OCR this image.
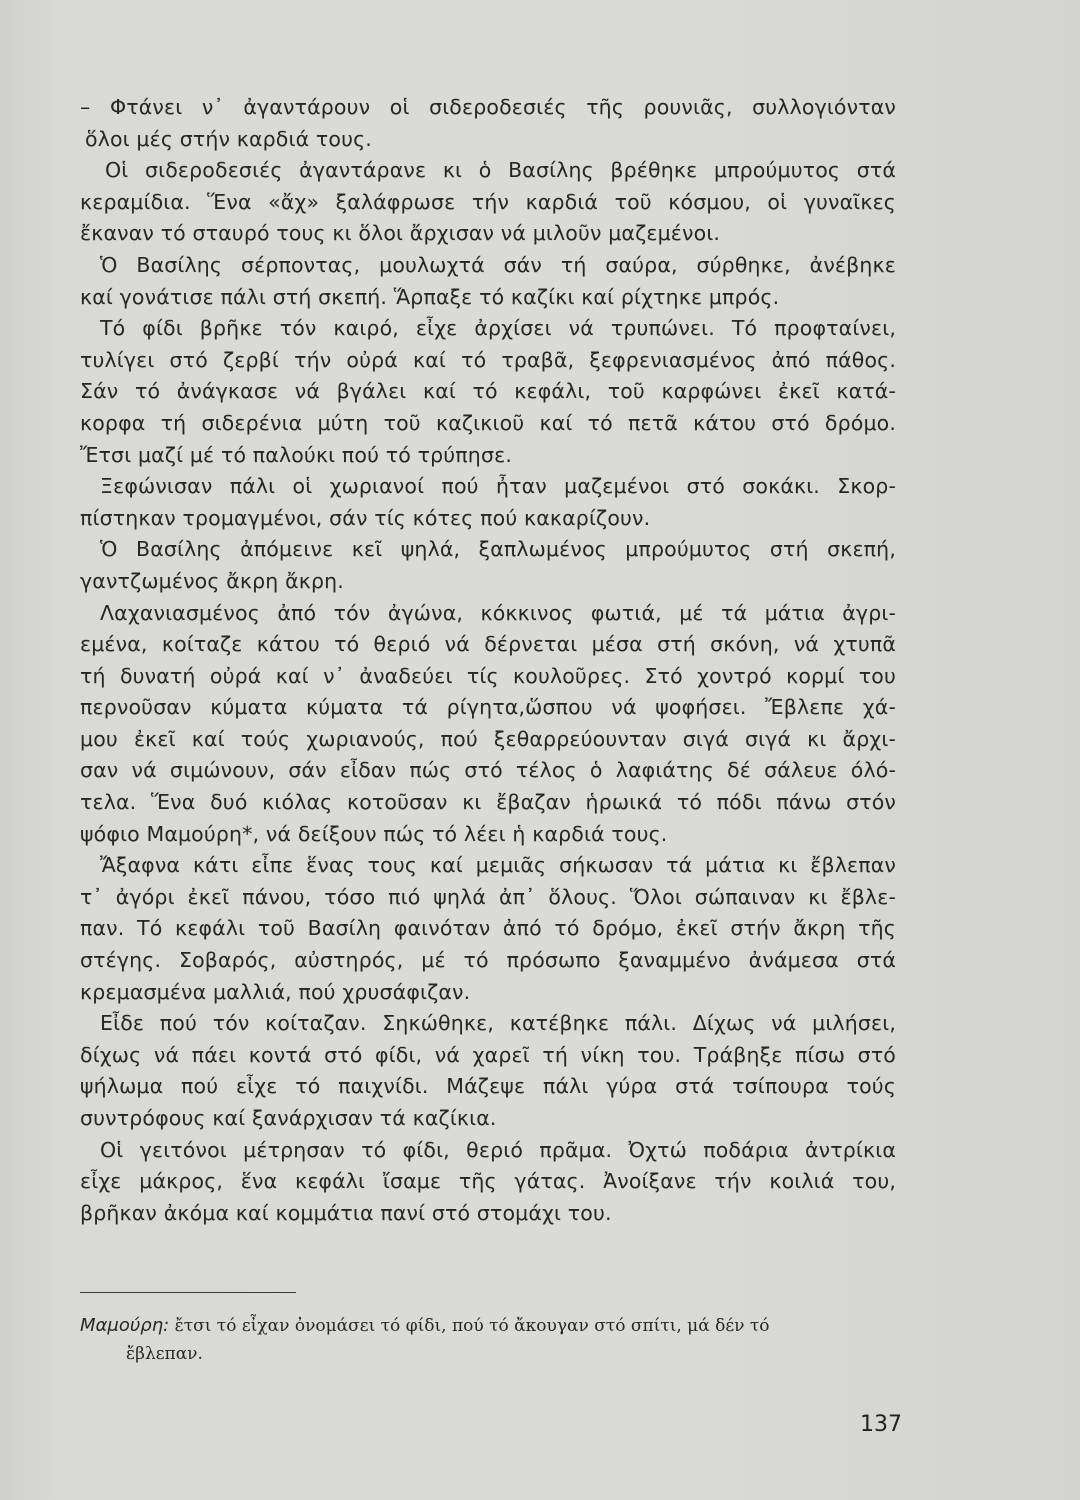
– Φτάνει ν᾽ ἀγαντάρουν οἱ σιδεροδεσιές τῆς ρουνιᾶς, συλλογιόνταν
ὅλοι μές στήν καρδιά τους.
Οἱ σιδεροδεσιές ἀγαντάρανε κι ὁ Βασίλης βρέθηκε μπρούμυτος στά
κεραμίδια. Ἕνα «ἄχ» ξαλάφρωσε τήν καρδιά τοῦ κόσμου, οἱ γυναῖκες
ἔκαναν τό σταυρό τους κι ὅλοι ἄρχισαν νά μιλοῦν μαζεμένοι.
Ὁ Βασίλης σέρποντας, μουλωχτά σάν τή σαύρα, σύρθηκε, ἀνέβηκε
καί γονάτισε πάλι στή σκεπή. Ἅρπαξε τό καζίκι καί ρίχτηκε μπρός.
Τό φίδι βρῆκε τόν καιρό, εἶχε ἀρχίσει νά τρυπώνει. Τό προφταίνει,
τυλίγει στό ζερβί τήν οὐρά καί τό τραβᾶ, ξεφρενιασμένος ἀπό πάθος.
Σάν τό ἀνάγκασε νά βγάλει καί τό κεφάλι, τοῦ καρφώνει ἐκεῖ κατά-
κορφα τή σιδερένια μύτη τοῦ καζικιοῦ καί τό πετᾶ κάτου στό δρόμο.
Ἔτσι μαζί μέ τό παλούκι πού τό τρύπησε.
Ξεφώνισαν πάλι οἱ χωριανοί πού ἦταν μαζεμένοι στό σοκάκι. Σκορ-
πίστηκαν τρομαγμένοι, σάν τίς κότες πού κακαρίζουν.
Ὁ Βασίλης ἀπόμεινε κεῖ ψηλά, ξαπλωμένος μπρούμυτος στή σκεπή,
γαντζωμένος ἄκρη ἄκρη.
Λαχανιασμένος ἀπό τόν ἀγώνα, κόκκινος φωτιά, μέ τά μάτια ἀγρι-
εμένα, κοίταζε κάτου τό θεριό νά δέρνεται μέσα στή σκόνη, νά χτυπᾶ
τή δυνατή οὐρά καί ν᾽ ἀναδεύει τίς κουλοῦρες. Στό χοντρό κορμί του
περνοῦσαν κύματα κύματα τά ρίγητα,ὥσπου νά ψοφήσει. Ἔβλεπε χά-
μου ἐκεῖ καί τούς χωριανούς, πού ξεθαρρεύουνταν σιγά σιγά κι ἄρχι-
σαν νά σιμώνουν, σάν εἶδαν πώς στό τέλος ὁ λαφιάτης δέ σάλευε όλό-
τελα. Ἕνα δυό κιόλας κοτοῦσαν κι ἔβαζαν ἡρωικά τό πόδι πάνω στόν
ψόφιο Μαμούρη*, νά δείξουν πώς τό λέει ἡ καρδιά τους.
Ἄξαφνα κάτι εἶπε ἕνας τους καί μεμιᾶς σήκωσαν τά μάτια κι ἔβλεπαν
τ᾽ ἀγόρι ἐκεῖ πάνου, τόσο πιό ψηλά ἀπ᾽ ὅλους. Ὅλοι σώπαιναν κι ἔβλε-
παν. Τό κεφάλι τοῦ Βασίλη φαινόταν ἀπό τό δρόμο, ἐκεῖ στήν ἄκρη τῆς
στέγης. Σοβαρός, αὐστηρός, μέ τό πρόσωπο ξαναμμένο ἀνάμεσα στά
κρεμασμένα μαλλιά, πού χρυσάφιζαν.
Εἶδε πού τόν κοίταζαν. Σηκώθηκε, κατέβηκε πάλι. Δίχως νά μιλήσει,
δίχως νά πάει κοντά στό φίδι, νά χαρεῖ τή νίκη του. Τράβηξε πίσω στό
ψήλωμα πού εἶχε τό παιχνίδι. Μάζεψε πάλι γύρα στά τσίπουρα τούς
συντρόφους καί ξανάρχισαν τά καζίκια.
Οἱ γειτόνοι μέτρησαν τό φίδι, θεριό πρᾶμα. Ὀχτώ ποδάρια ἀντρίκια
εἶχε μάκρος, ἕνα κεφάλι ἴσαμε τῆς γάτας. Ἀνοίξανε τήν κοιλιά του,
βρῆκαν ἀκόμα καί κομμάτια πανί στό στομάχι του.
Μαμούρη: ἔτσι τό εἶχαν ὀνομάσει τό φίδι, πού τό ἄκουγαν στό σπίτι, μά δέν τό
ἔβλεπαν.
137
